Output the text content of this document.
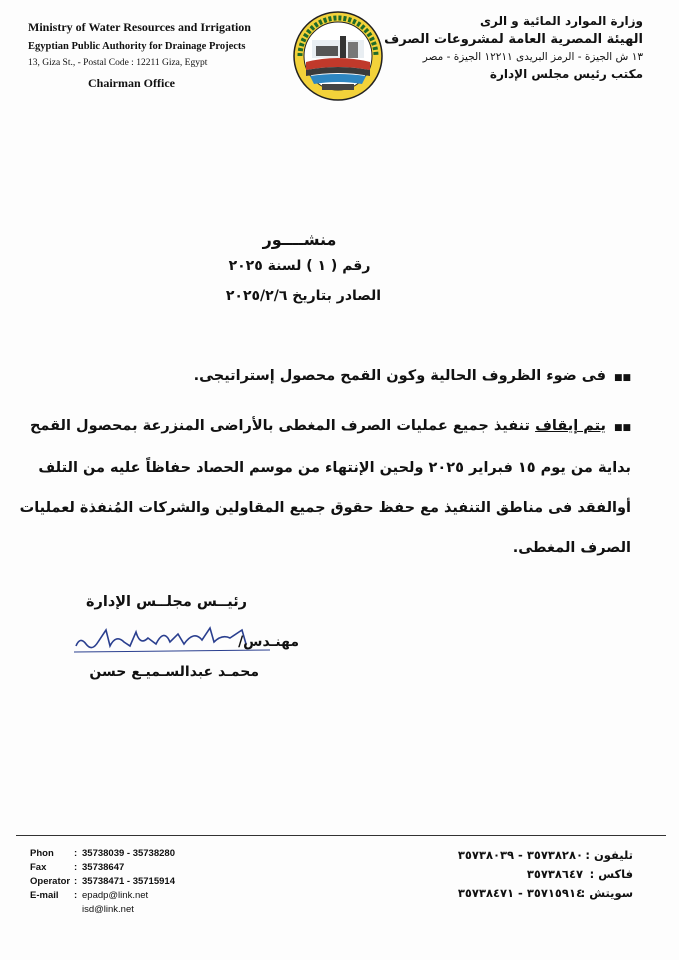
Ministry of Water Resources and Irrigation
Egyptian Public Authority for Drainage Projects
13, Giza St., - Postal Code : 12211 Giza, Egypt
Chairman Office
وزارة الموارد المائية و الرى
الهيئة المصرية العامة لمشروعات الصرف
١٣ ش الجيزة - الرمز البريدى ١٢٢١١ الجيزة - مصر
مكتب رئيس مجلس الإدارة
منشــــور
رقم ( ١ ) لسنة ٢٠٢٥
الصادر بتاريخ ٢٠٢٥/٢/٦
■■فى ضوء الظروف الحالية وكون القمح محصول إستراتيجى.
■■يتم إيقاف تنفيذ جميع عمليات الصرف المغطى بالأراضى المنزرعة بمحصول القمح
بداية من يوم ١٥ فبراير ٢٠٢٥ ولحين الإنتهاء من موسم الحصاد حفاظاً عليه من التلف
أوالفقد فى مناطق التنفيذ مع حفظ حقوق جميع المقاولين والشركات المُنفذة لعمليات
الصرف المغطى.
رئيــس مجلــس الإدارة
مهنـدس/
محمـد عبدالسـميـع حسن
Phon : 35738039 - 35738280
Fax	: 35738647
Operator : 35738471 - 35715914
E-mail : epadp@link.net
isd@link.net
تليفون : ٣٥٧٣٨٢٨٠ - ٣٥٧٣٨٠٣٩
فاكس : ٣٥٧٣٨٦٤٧
سويتش : ٣٥٧١٥٩١٤ - ٣٥٧٣٨٤٧١
